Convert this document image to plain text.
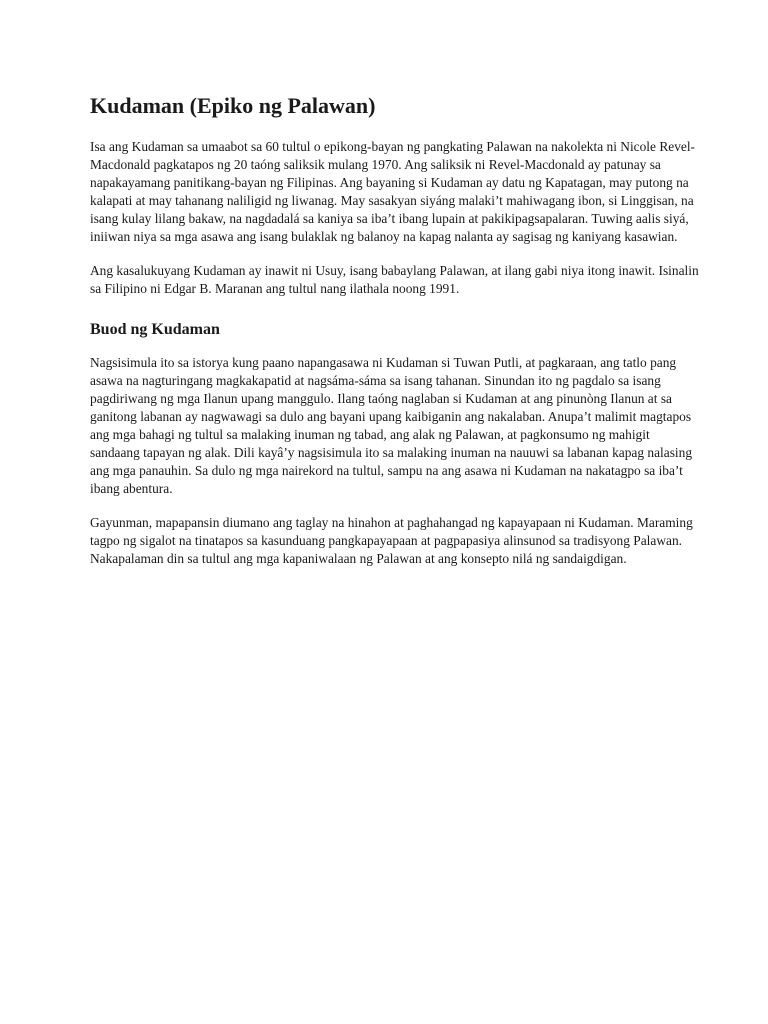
Kudaman (Epiko ng Palawan)

Isa ang Kudaman sa umaabot sa 60 tultul o epikong-bayan ng pangkating Palawan na nakolekta ni Nicole Revel-Macdonald pagkatapos ng 20 taóng saliksik mulang 1970. Ang saliksik ni Revel-Macdonald ay patunay sa napakayamang panitikang-bayan ng Filipinas. Ang bayaning si Kudaman ay datu ng Kapatagan, may putong na kalapati at may tahanang naliligid ng liwanag. May sasakyan siyáng malaki’t mahiwagang ibon, si Linggisan, na isang kulay lilang bakaw, na nagdadalá sa kaniya sa iba’t ibang lupain at pakikipagsapalaran. Tuwing aalis siyá, iniiwan niya sa mga asawa ang isang bulaklak ng balanoy na kapag nalanta ay sagisag ng kaniyang kasawian.

Ang kasalukuyang Kudaman ay inawit ni Usuy, isang babaylang Palawan, at ilang gabi niya itong inawit. Isinalin sa Filipino ni Edgar B. Maranan ang tultul nang ilathala noong 1991.

Buod ng Kudaman

Nagsisimula ito sa istorya kung paano napangasawa ni Kudaman si Tuwan Putli, at pagkaraan, ang tatlo pang asawa na nagturingang magkakapatid at nagsáma-sáma sa isang tahanan. Sinundan ito ng pagdalo sa isang pagdiriwang ng mga Ilanun upang manggulo. Ilang taóng naglaban si Kudaman at ang pinunòng Ilanun at sa ganitong labanan ay nagwawagi sa dulo ang bayani upang kaibiganin ang nakalaban. Anupa’t malimit magtapos ang mga bahagi ng tultul sa malaking inuman ng tabad, ang alak ng Palawan, at pagkonsumo ng mahigit sandaang tapayan ng alak. Dili kayâ’y nagsisimula ito sa malaking inuman na nauuwi sa labanan kapag nalasing ang mga panauhin. Sa dulo ng mga nairekord na tultul, sampu na ang asawa ni Kudaman na nakatagpo sa iba’t ibang abentura.

Gayunman, mapapansin diumano ang taglay na hinahon at paghahangad ng kapayapaan ni Kudaman. Maraming tagpo ng sigalot na tinatapos sa kasunduang pangkapayapaan at pagpapasiya alinsunod sa tradisyong Palawan. Nakapalaman din sa tultul ang mga kapaniwalaan ng Palawan at ang konsepto nilá ng sandaigdigan.
